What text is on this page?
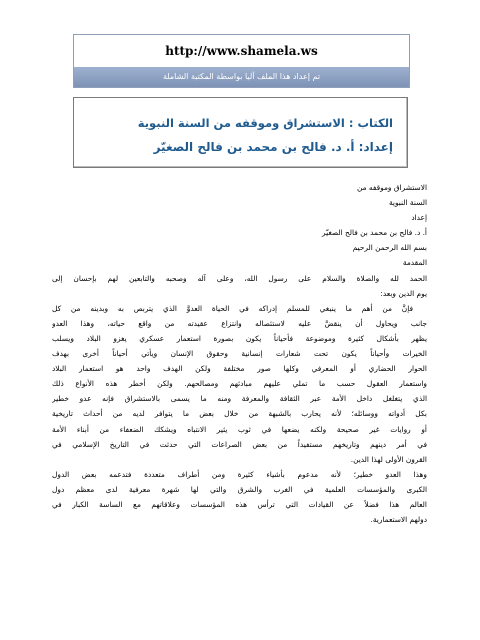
http://www.shamela.ws
تم إعداد هذا الملف آليا بواسطة المكتبة الشاملة
الكتاب : الاستشراق وموقفه من السنة النبوية
إعداد: أ. د. فالح بن محمد بن فالح الصغيّر
الاستشراق وموقفه من
السنة النبوية
إعداد
أ. د. فالح بن محمد بن فالح الصغيّر
بسم الله الرحمن الرحيم
المقدمة
الحمد لله والصلاة والسلام على رسول الله، وعلى آله وصحبه والتابعين لهم بإحسان إلى
يوم الدين وبعد:
فإنَّ من أهم ما ينبغي للمسلم إدراكه في الحياة العدوَّ الذي يتربص به وبدينه من كل
جانب ويحاول أن ينقضَّ عليه لاستئصاله وانتزاع عقيدته من واقع حياته، وهذا العدو
يظهر بأشكال كثيرة وموضوعة فأحياناً يكون بصورة استعمار عسكري يغزو البلاد ويسلب
الخيرات وأحياناً يكون تحت شعارات إنسانية وحقوق الإنسان ويأتي أحياناً أخرى بهدف
الحوار الحضاري أو المعرفي وكلها صور مختلفة ولكن الهدف واحد هو استعمار البلاد
واستعمار العقول حسب ما تملي عليهم مبادئهم ومصالحهم. ولكن أخطر هذه الأنواع ذلك
الذي يتغلغل داخل الأمة عبر الثقافة والمعرفة ومنه ما يسمى بالاستشراق فإنه عدو خطير
بكل أدواته ووسائله؛ لأنه يحارب بالشبهة من خلال بعض ما يتوافر لديه من أحداث تاريخية
أو روايات غير صحيحة ولكنه يضعها في ثوب يثير الانتباه ويشكك الضعفاء من أبناء الأمة
في أمر دينهم وتاريخهم مستفيداً من بعض الصراعات التي حدثت في التاريخ الإسلامي في
القرون الأولى لهذا الدين.
وهذا العدو خطير؛ لأنه مدعوم بأشياء كثيرة ومن أطراف متعددة فتدعمه بعض الدول
الكبرى والمؤسسات العلمية في الغرب والشرق والتي لها شهرة معرفية لدى معظم دول
العالم هذا فضلاً عن القيادات التي ترأس هذه المؤسسات وعلاقاتهم مع الساسة الكبار في
دولهم الاستعمارية.
